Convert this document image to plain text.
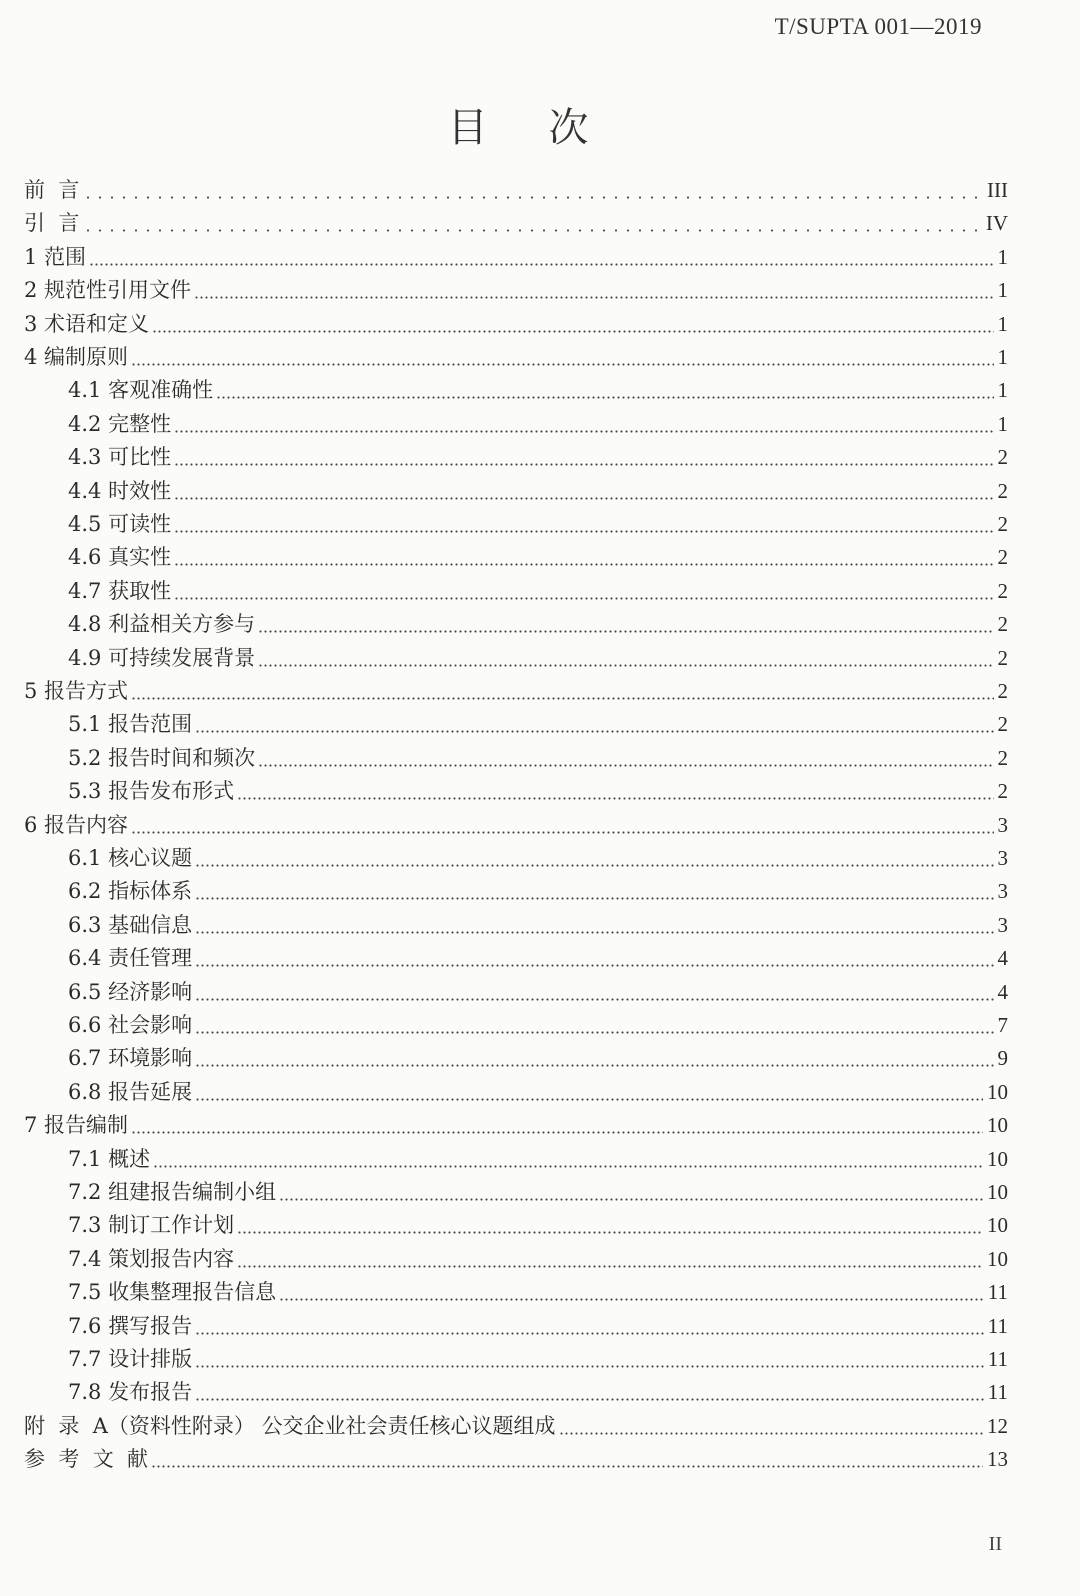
T/SUPTA 001—2019
目 次
前  言	III
引  言	IV
1 范围	1
2 规范性引用文件	1
3 术语和定义	1
4 编制原则	1
4.1 客观准确性	1
4.2 完整性	1
4.3 可比性	2
4.4 时效性	2
4.5 可读性	2
4.6 真实性	2
4.7 获取性	2
4.8 利益相关方参与	2
4.9 可持续发展背景	2
5 报告方式	2
5.1 报告范围	2
5.2 报告时间和频次	2
5.3 报告发布形式	2
6 报告内容	3
6.1 核心议题	3
6.2 指标体系	3
6.3 基础信息	3
6.4 责任管理	4
6.5 经济影响	4
6.6 社会影响	7
6.7 环境影响	9
6.8 报告延展	10
7 报告编制	10
7.1 概述	10
7.2 组建报告编制小组	10
7.3 制订工作计划	10
7.4 策划报告内容	10
7.5 收集整理报告信息	11
7.6 撰写报告	11
7.7 设计排版	11
7.8 发布报告	11
附  录  A（资料性附录） 公交企业社会责任核心议题组成	12
参  考  文  献	13
II
